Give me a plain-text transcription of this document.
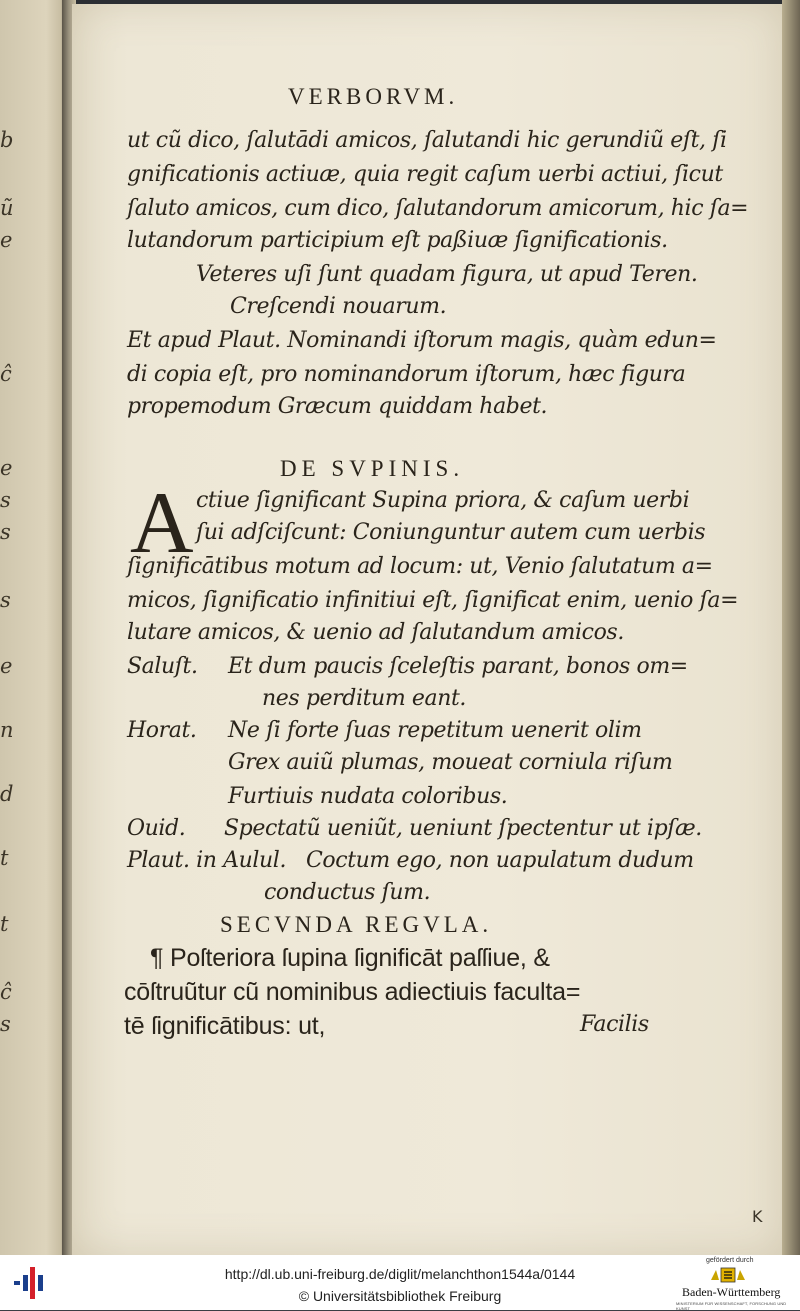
b
ũ
e
ĉ
e
s
s
s
e
n
d
t
t
ĉ
s
VERBORVM.
ut cũ dico, ſalutādi amicos, ſalutandi hic gerundiũ eſt, ſi
gnificationis actiuæ, quia regit caſum uerbi actiui, ſicut
ſaluto amicos, cum dico, ſalutandorum amicorum, hic ſa=
lutandorum participium eſt paßiuæ ſignificationis.
Veteres uſi ſunt quadam figura, ut apud Teren.
Creſcendi nouarum.
Et apud Plaut. Nominandi iſtorum magis, quàm edun=
di copia eſt, pro nominandorum iſtorum, hæc figura
propemodum Græcum quiddam habet.
DE SVPINIS.
A ctiue ſignificant Supina priora, & caſum uerbi
ſui adſciſcunt: Coniunguntur autem cum uerbis
ſignificātibus motum ad locum: ut, Venio ſalutatum a=
micos, ſignificatio infinitiui eſt, ſignificat enim, uenio ſa=
lutare amicos, & uenio ad ſalutandum amicos.
Saluſt. Et dum paucis ſceleſtis parant, bonos om=
nes perditum eant.
Horat. Ne ſi forte ſuas repetitum uenerit olim
Grex auiũ plumas, moueat corniula riſum
Furtiuis nudata coloribus.
Ouid. Spectatũ ueniũt, ueniunt ſpectentur ut ipſæ.
Plaut. in Aulul. Coctum ego, non uapulatum dudum
conductus ſum.
SECVNDA REGVLA.
¶ Poſteriora ſupina ſignificāt paſſiue, &
cōſtruũtur cũ nominibus adiectiuis faculta=
tē ſignificātibus: ut,	Facilis
K
http://dl.ub.uni-freiburg.de/diglit/melanchthon1544a/0144
© Universitätsbibliothek Freiburg
gefördert durch
Baden-Württemberg
MINISTERIUM FÜR WISSENSCHAFT, FORSCHUNG UND KUNST
